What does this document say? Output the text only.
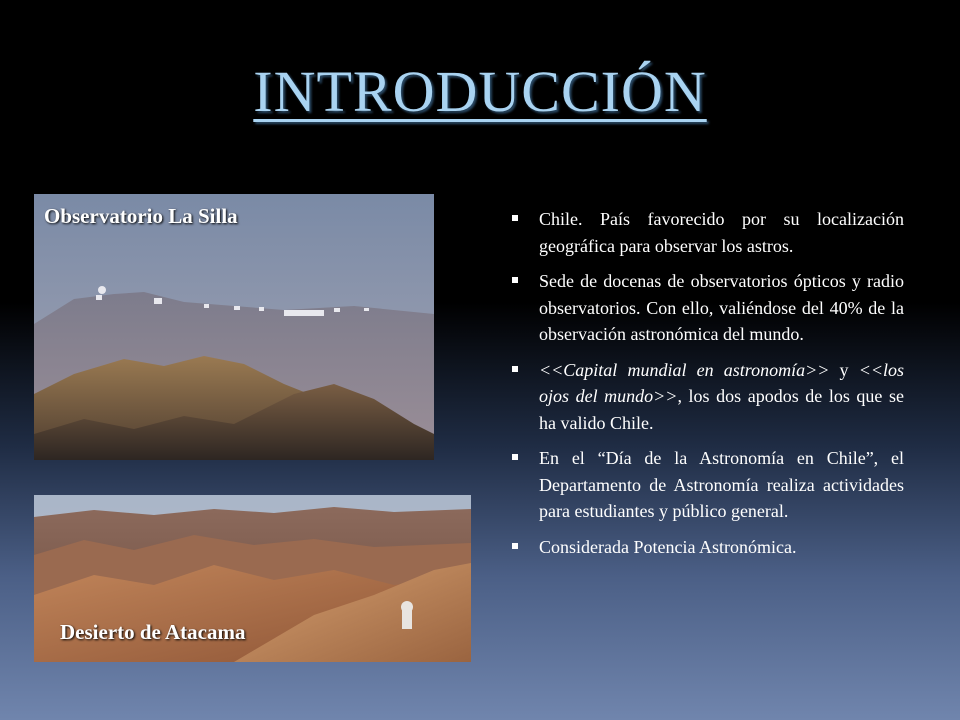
INTRODUCCIÓN
Observatorio La Silla
Desierto de Atacama
Chile. País favorecido por su localización geográfica para observar los astros.
Sede de docenas de observatorios ópticos y radio observatorios. Con ello, valiéndose del 40% de la observación astronómica del mundo.
<<Capital mundial en astronomía>> y <<los ojos del mundo>>, los dos apodos de los que se ha valido Chile.
En el “Día de la Astronomía en Chile”, el Departamento de Astronomía realiza actividades para estudiantes y público general.
Considerada Potencia Astronómica.
